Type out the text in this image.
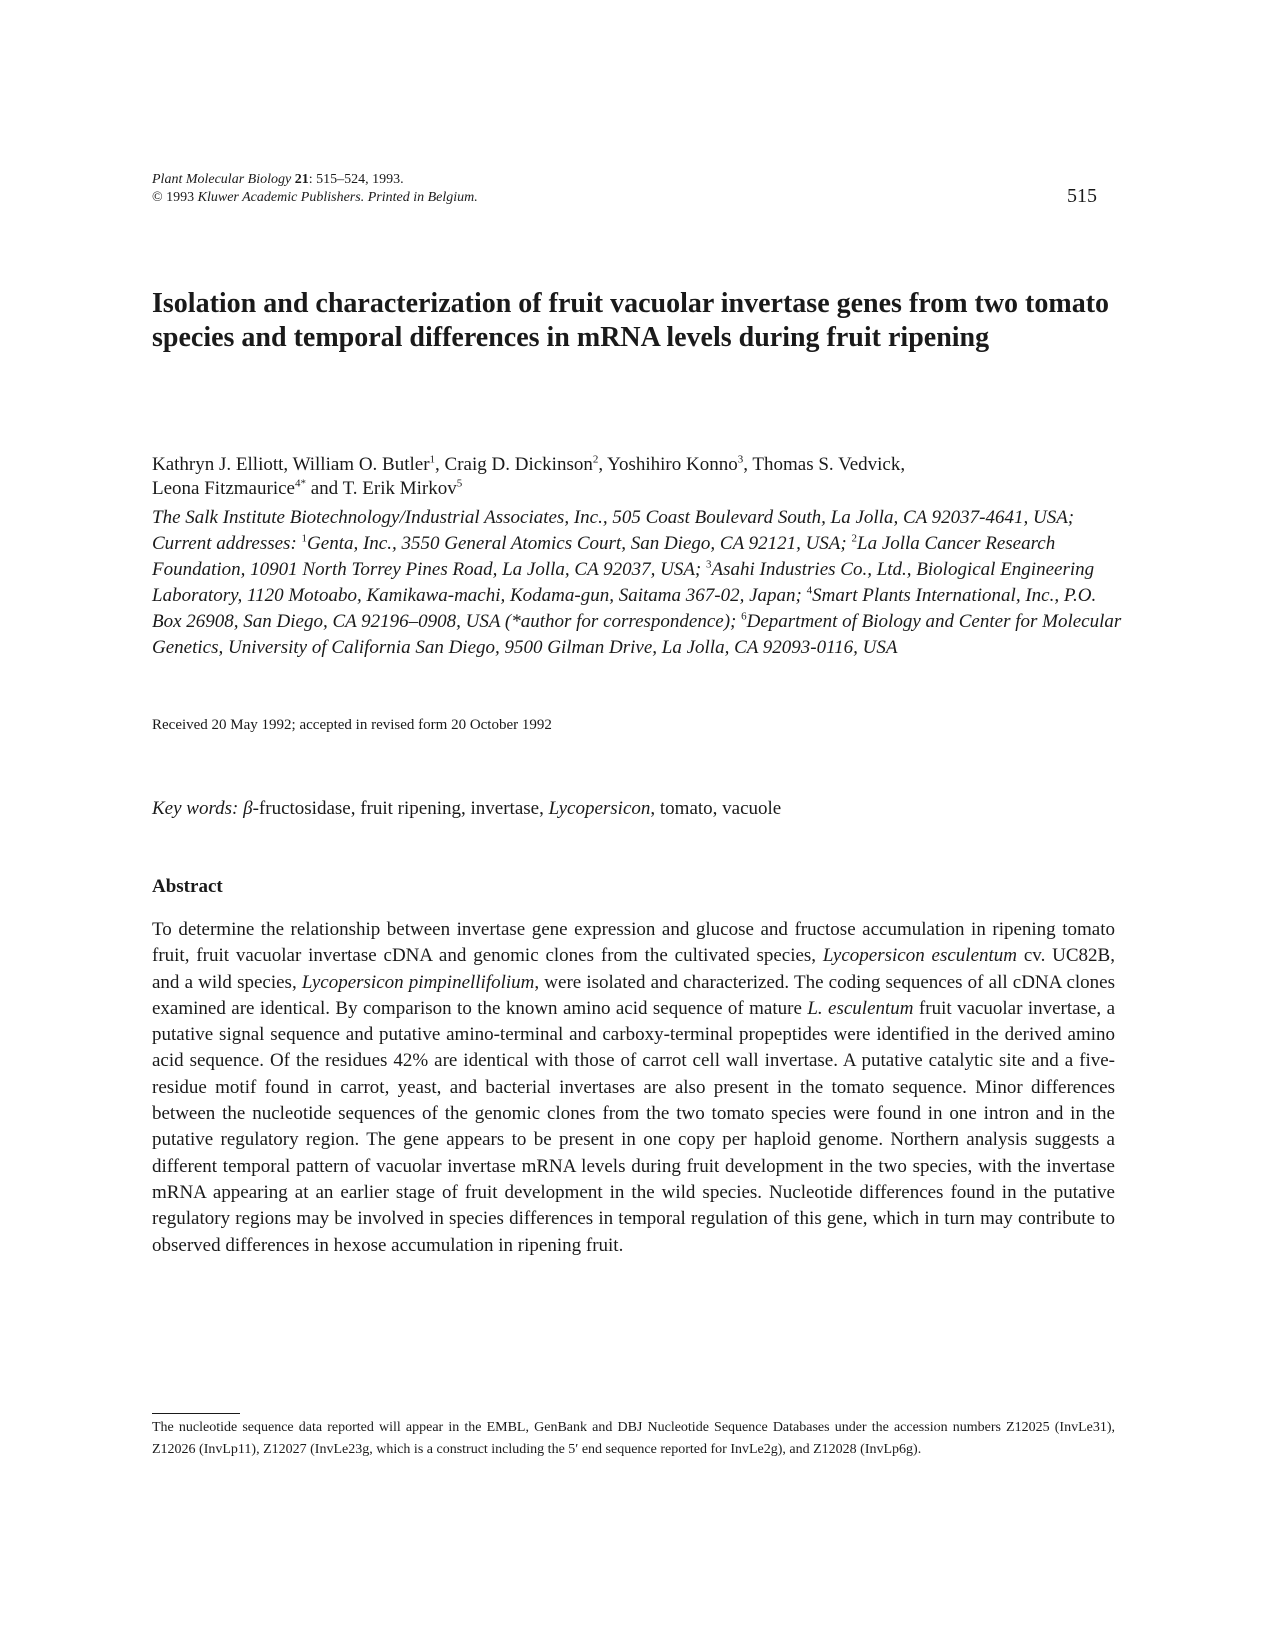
Plant Molecular Biology 21: 515–524, 1993.
© 1993 Kluwer Academic Publishers. Printed in Belgium.	515
Isolation and characterization of fruit vacuolar invertase genes from two tomato species and temporal differences in mRNA levels during fruit ripening
Kathryn J. Elliott, William O. Butler$^1$, Craig D. Dickinson$^2$, Yoshihiro Konno$^3$, Thomas S. Vedvick,
Leona Fitzmaurice$^{4*}$ and T. Erik Mirkov$^5$
The Salk Institute Biotechnology/Industrial Associates, Inc., 505 Coast Boulevard South, La Jolla, CA 92037-4641, USA; Current addresses: $^1$Genta, Inc., 3550 General Atomics Court, San Diego, CA 92121, USA; $^2$La Jolla Cancer Research Foundation, 10901 North Torrey Pines Road, La Jolla, CA 92037, USA; $^3$Asahi Industries Co., Ltd., Biological Engineering Laboratory, 1120 Motoabo, Kamikawa-machi, Kodama-gun, Saitama 367-02, Japan; $^4$Smart Plants International, Inc., P.O. Box 26908, San Diego, CA 92196–0908, USA (*author for correspondence); $^6$Department of Biology and Center for Molecular Genetics, University of California San Diego, 9500 Gilman Drive, La Jolla, CA 92093-0116, USA
Received 20 May 1992; accepted in revised form 20 October 1992
Key words: β-fructosidase, fruit ripening, invertase, Lycopersicon, tomato, vacuole
Abstract
To determine the relationship between invertase gene expression and glucose and fructose accumulation in ripening tomato fruit, fruit vacuolar invertase cDNA and genomic clones from the cultivated species, Lycopersicon esculentum cv. UC82B, and a wild species, Lycopersicon pimpinellifolium, were isolated and characterized. The coding sequences of all cDNA clones examined are identical. By comparison to the known amino acid sequence of mature L. esculentum fruit vacuolar invertase, a putative signal sequence and putative amino-terminal and carboxy-terminal propeptides were identified in the derived amino acid sequence. Of the residues 42% are identical with those of carrot cell wall invertase. A putative catalytic site and a five-residue motif found in carrot, yeast, and bacterial invertases are also present in the tomato sequence. Minor differences between the nucleotide sequences of the genomic clones from the two tomato species were found in one intron and in the putative regulatory region. The gene appears to be present in one copy per haploid genome. Northern analysis suggests a different temporal pattern of vacuolar invertase mRNA levels during fruit development in the two species, with the invertase mRNA appearing at an earlier stage of fruit development in the wild species. Nucleotide differences found in the putative regulatory regions may be involved in species differences in temporal regulation of this gene, which in turn may contribute to observed differences in hexose accumulation in ripening fruit.
The nucleotide sequence data reported will appear in the EMBL, GenBank and DBJ Nucleotide Sequence Databases under the accession numbers Z12025 (InvLe31), Z12026 (InvLp11), Z12027 (InvLe23g, which is a construct including the 5′ end sequence reported for InvLe2g), and Z12028 (InvLp6g).
